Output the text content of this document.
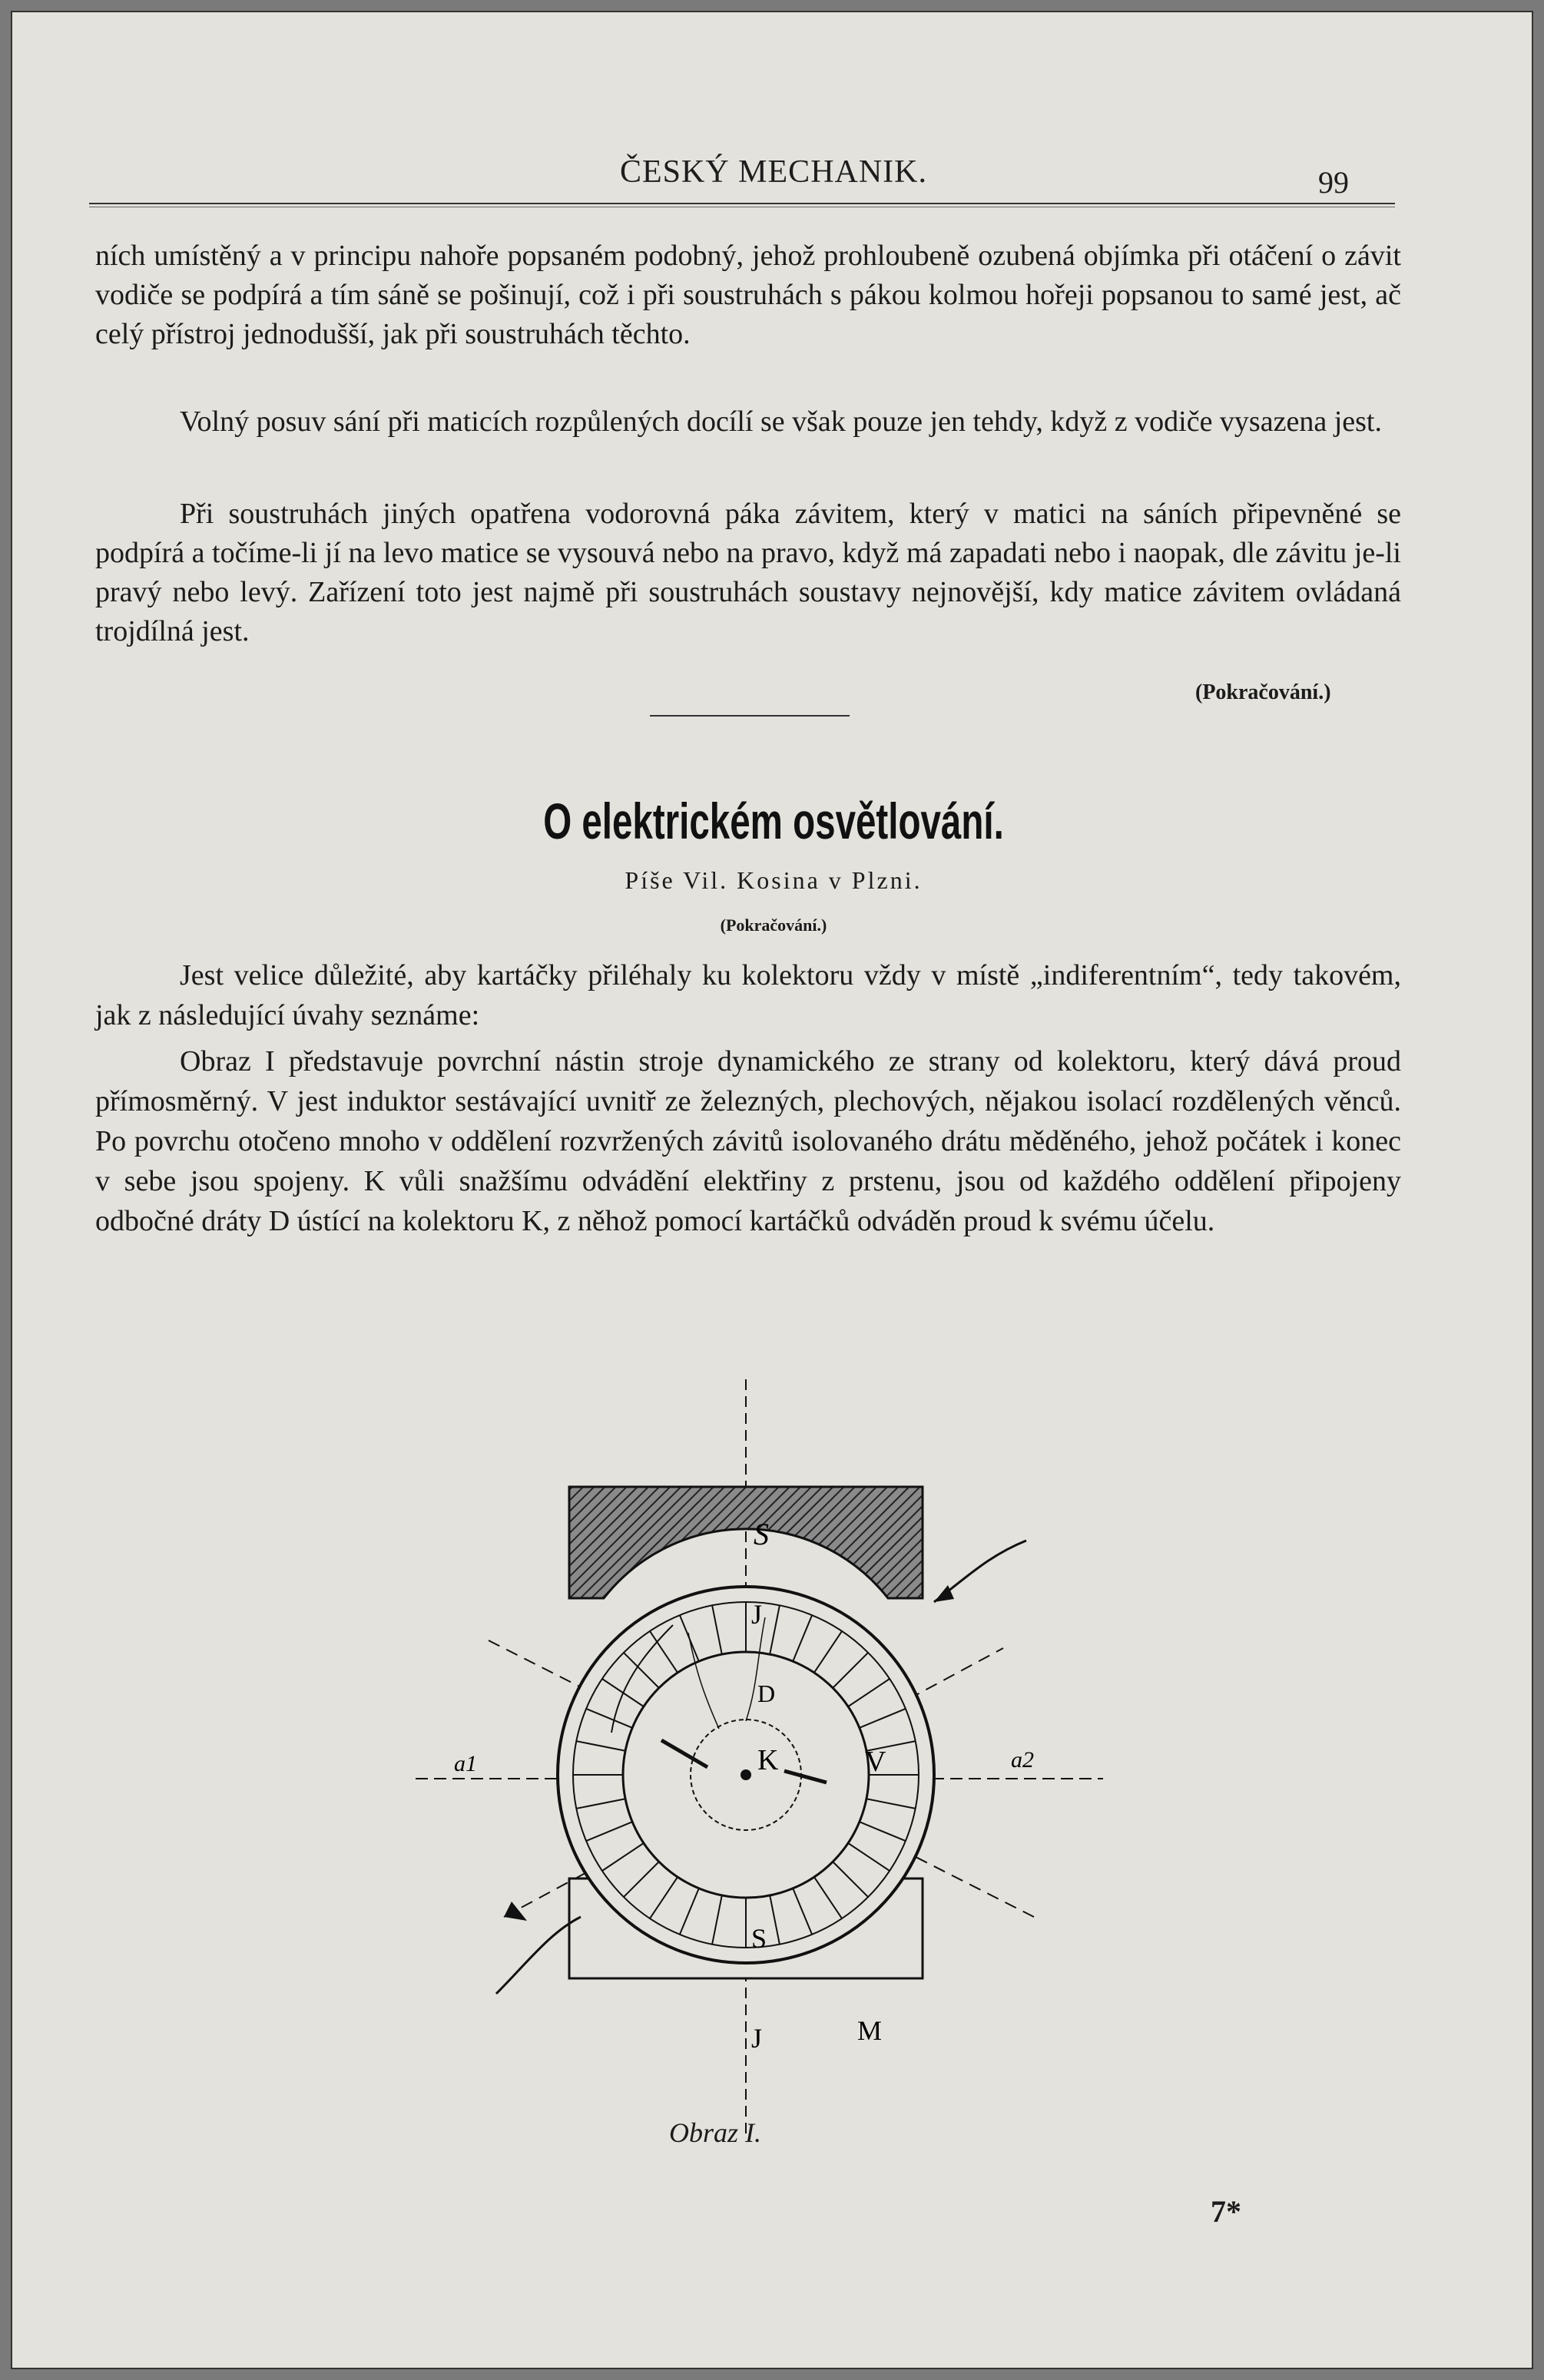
ČESKÝ MECHANIK.	99

ních umístěný a v principu nahoře popsaném podobný, jehož prohloubeně ozubená objímka při otáčení o závit vodiče se podpírá a tím sáně se pošinují, což i při soustruhách s pákou kolmou hořeji popsanou to samé jest, ač celý přístroj jednodušší, jak při soustruhách těchto.

Volný posuv sání při maticích rozpůlených docílí se však pouze jen tehdy, když z vodiče vysazena jest.

Při soustruhách jiných opatřena vodorovná páka závitem, který v matici na sáních připevněné se podpírá a točíme-li jí na levo matice se vysouvá nebo na pravo, když má zapadati nebo i naopak, dle závitu je-li pravý nebo levý. Zařízení toto jest najmě při soustruhách soustavy nejnovější, kdy matice závitem ovládaná trojdílná jest.

(Pokračování.)
O elektrickém osvětlování.
Píše Vil. Kosina v Plzni.
(Pokračování.)

Jest velice důležité, aby kartáčky přiléhaly ku kolektoru vždy v místě „indiferentním“, tedy takovém, jak z následující úvahy seznáme:

Obraz I představuje povrchní nástin stroje dynamického ze strany od kolektoru, který dává proud přímosměrný. V jest induktor sestávající uvnitř ze železných, plechových, nějakou isolací rozdělených věnců. Po povrchu otočeno mnoho v oddělení rozvržených závitů isolovaného drátu měděného, jehož počátek i konec v sebe jsou spojeny. K vůli snažšímu odvádění elektřiny z prstenu, jsou od každého oddělení připojeny odbočné dráty D ústící na kolektoru K, z něhož pomocí kartáčků odváděn proud k svému účelu.

S
J
D
K	V
a1	a2
S
J	M
Obraz I.
7*
